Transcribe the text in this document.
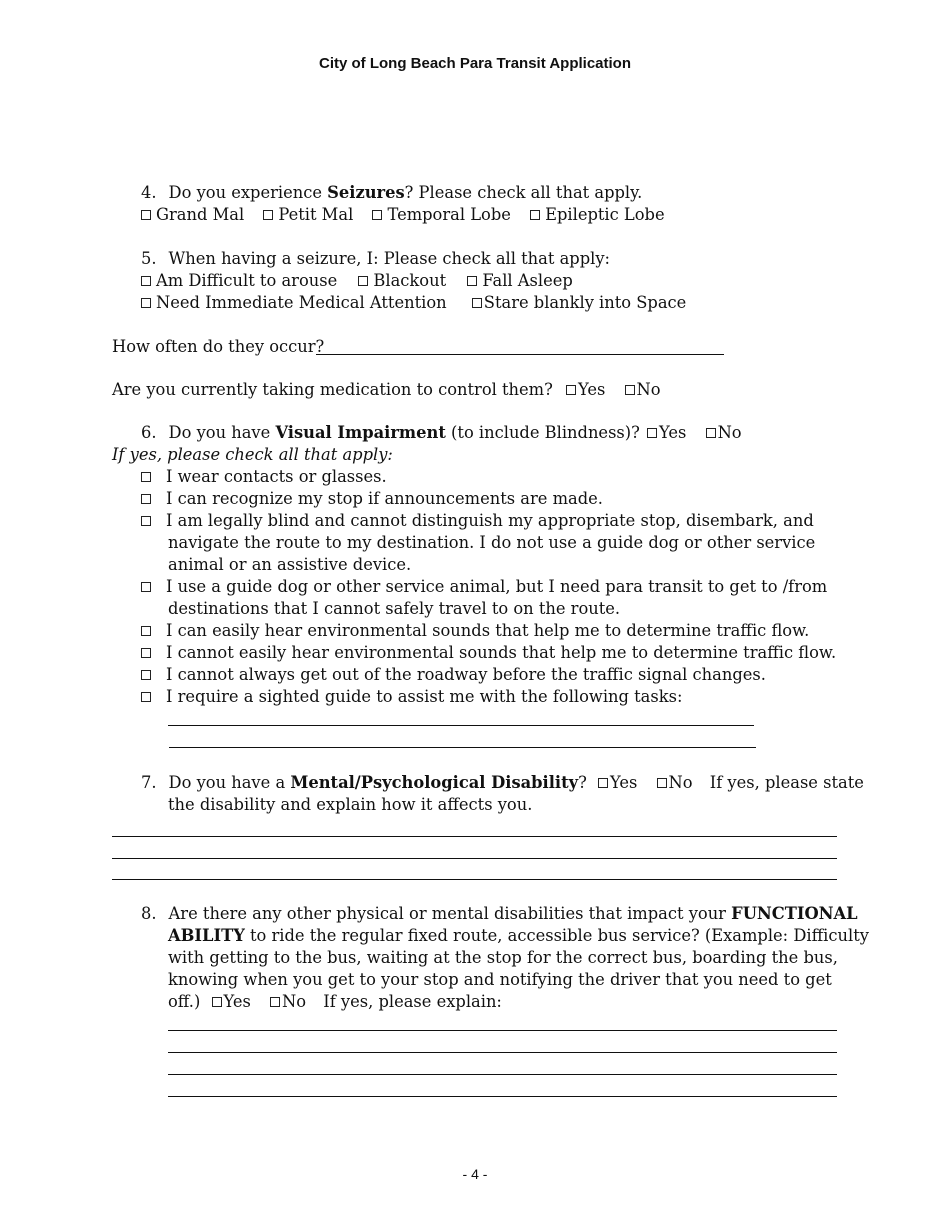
City of Long Beach Para Transit Application
4. Do you experience Seizures? Please check all that apply.
Grand Mal Petit Mal Temporal Lobe Epileptic Lobe
5. When having a seizure, I: Please check all that apply:
Am Difficult to arouse Blackout Fall Asleep
Need Immediate Medical Attention Stare blankly into Space
How often do they occur?
Are you currently taking medication to control them? Yes No
6. Do you have Visual Impairment (to include Blindness)? Yes No
If yes, please check all that apply:
I wear contacts or glasses.
I can recognize my stop if announcements are made.
I am legally blind and cannot distinguish my appropriate stop, disembark, and
navigate the route to my destination. I do not use a guide dog or other service
animal or an assistive device.
I use a guide dog or other service animal, but I need para transit to get to /from
destinations that I cannot safely travel to on the route.
I can easily hear environmental sounds that help me to determine traffic flow.
I cannot easily hear environmental sounds that help me to determine traffic flow.
I cannot always get out of the roadway before the traffic signal changes.
I require a sighted guide to assist me with the following tasks:
7. Do you have a Mental/Psychological Disability? Yes No If yes, please state
the disability and explain how it affects you.
8. Are there any other physical or mental disabilities that impact your FUNCTIONAL
ABILITY to ride the regular fixed route, accessible bus service? (Example: Difficulty
with getting to the bus, waiting at the stop for the correct bus, boarding the bus,
knowing when you get to your stop and notifying the driver that you need to get
off.) Yes No If yes, please explain:
- 4 -
